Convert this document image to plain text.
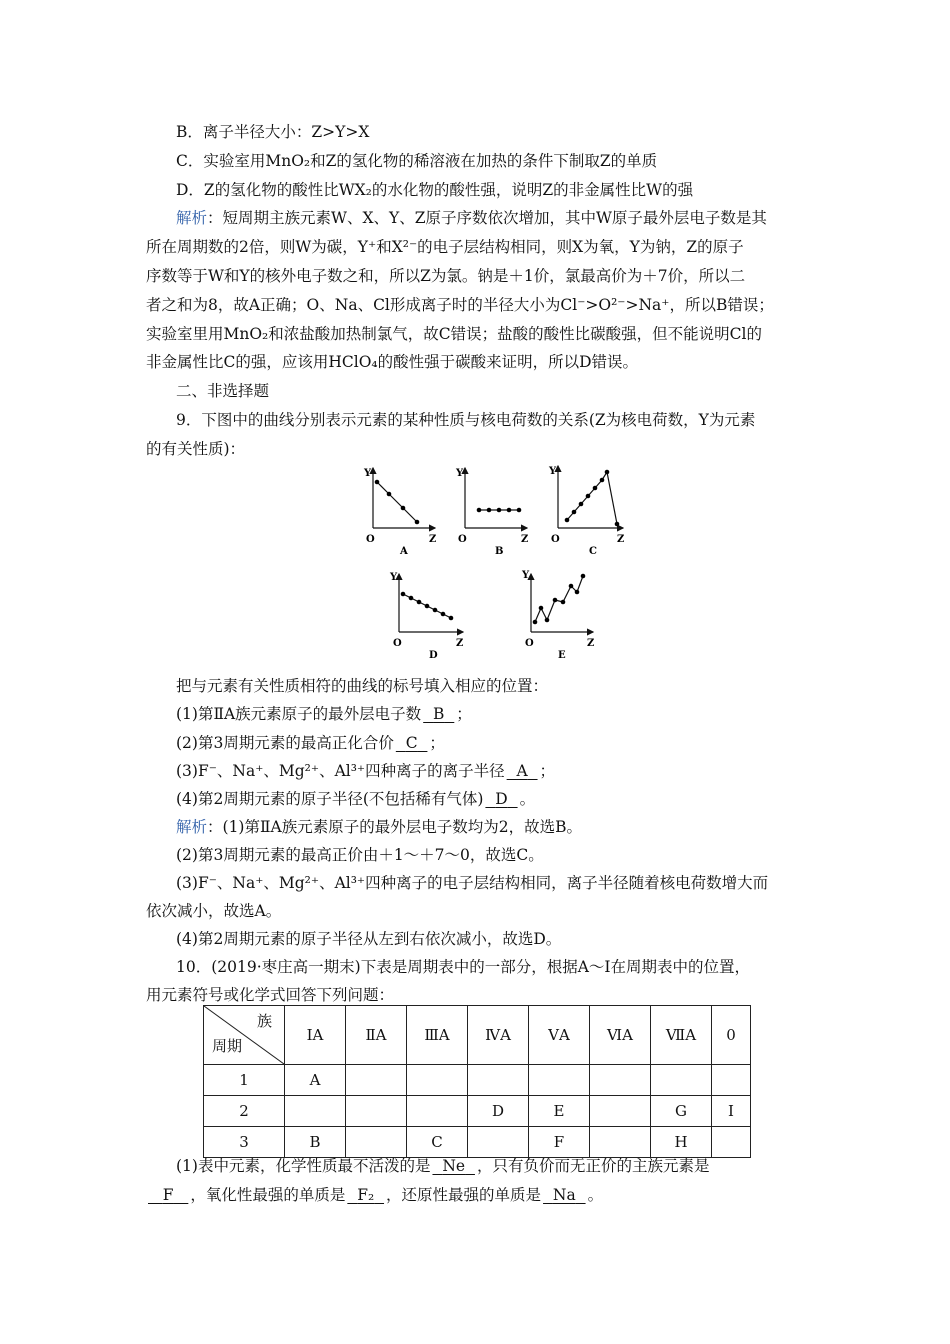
B．离子半径大小：Z>Y>X
C．实验室用MnO₂和Z的氢化物的稀溶液在加热的条件下制取Z的单质
D．Z的氢化物的酸性比WX₂的水化物的酸性强，说明Z的非金属性比W的强
解析：短周期主族元素W、X、Y、Z原子序数依次增加，其中W原子最外层电子数是其
所在周期数的2倍，则W为碳，Y⁺和X²⁻的电子层结构相同，则X为氧，Y为钠，Z的原子
序数等于W和Y的核外电子数之和，所以Z为氯。钠是＋1价，氯最高价为＋7价，所以二
者之和为8，故A正确；O、Na、Cl形成离子时的半径大小为Cl⁻>O²⁻>Na⁺，所以B错误；
实验室里用MnO₂和浓盐酸加热制氯气，故C错误；盐酸的酸性比碳酸强，但不能说明Cl的
非金属性比C的强，应该用HClO₄的酸性强于碳酸来证明，所以D错误。
二、非选择题
9．下图中的曲线分别表示元素的某种性质与核电荷数的关系(Z为核电荷数，Y为元素
的有关性质)：
Y
Z
O
A
Y
Z
O
B
Y
Z
O
C
Y
Z
O
D
Y
Z
O
E
把与元素有关性质相符的曲线的标号填入相应的位置：
(1)第ⅡA族元素原子的最外层电子数 B ；
(2)第3周期元素的最高正化合价 C ；
(3)F⁻、Na⁺、Mg²⁺、Al³⁺四种离子的离子半径 A ；
(4)第2周期元素的原子半径(不包括稀有气体) D 。
解析：(1)第ⅡA族元素原子的最外层电子数均为2，故选B。
(2)第3周期元素的最高正价由＋1～＋7～0，故选C。
(3)F⁻、Na⁺、Mg²⁺、Al³⁺四种离子的电子层结构相同，离子半径随着核电荷数增大而
依次减小，故选A。
(4)第2周期元素的原子半径从左到右依次减小，故选D。
10．(2019·枣庄高一期末)下表是周期表中的一部分，根据A～I在周期表中的位置，
用元素符号或化学式回答下列问题：
族
周期	ⅠA	ⅡA	ⅢA	ⅣA	ⅤA	ⅥA	ⅦA	0
1	A							
2				D	E		G	I
3	B		C		F		H	
(1)表中元素，化学性质最不活泼的是 Ne ，只有负价而无正价的主族元素是
F ，氧化性最强的单质是 F₂ ，还原性最强的单质是 Na 。
